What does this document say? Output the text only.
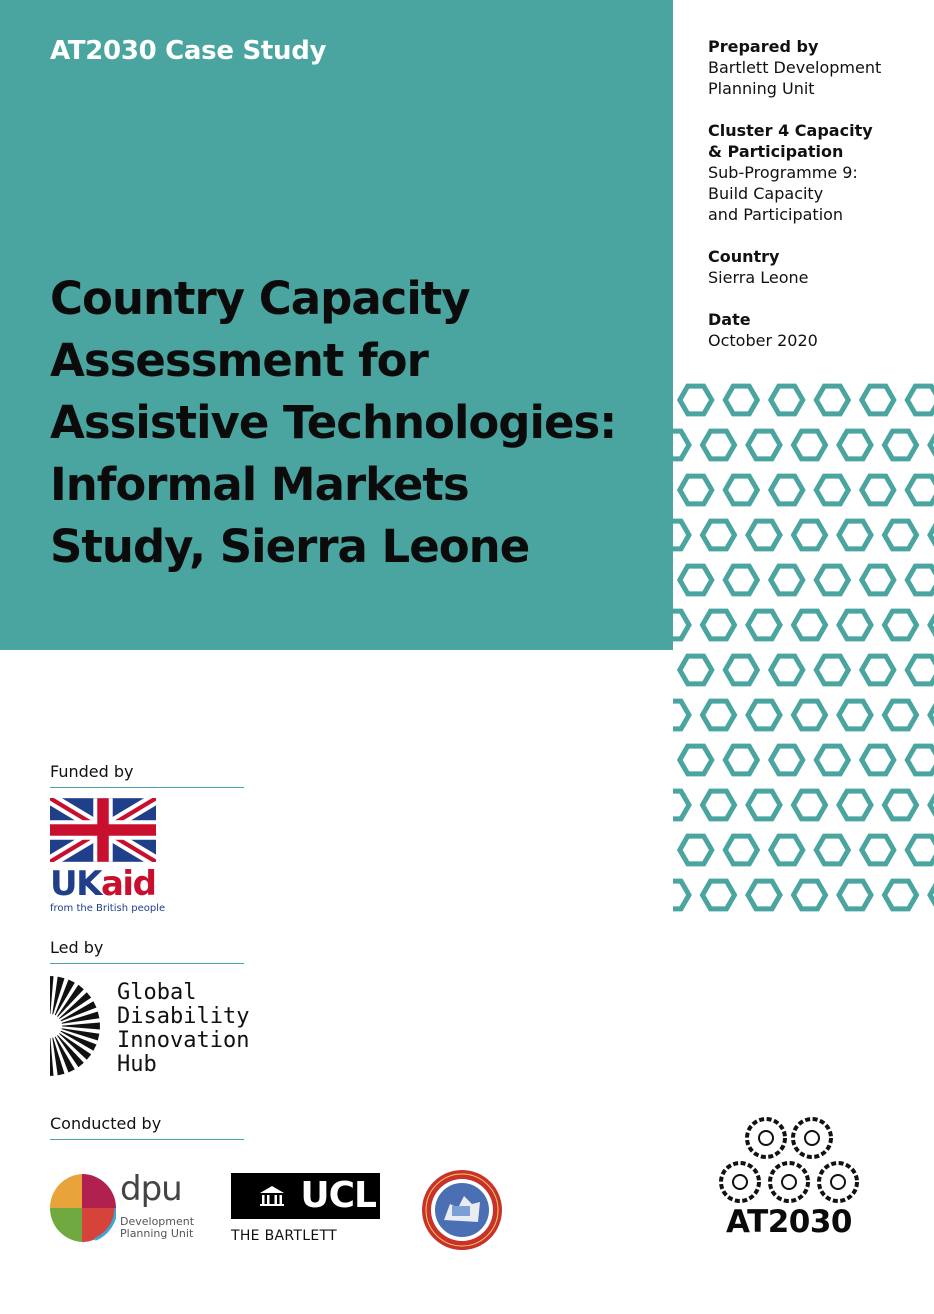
AT2030 Case Study
Country Capacity
Assessment for
Assistive Technologies:
Informal Markets
Study, Sierra Leone
Prepared by
Bartlett Development
Planning Unit
Cluster 4 Capacity
& Participation
Sub-Programme 9:
Build Capacity
and Participation
Country
Sierra Leone
Date
October 2020
Funded by
UKaid
from the British people
Led by
Global
Disability
Innovation
Hub
Conducted by
dpu
Development
Planning Unit
UCL
THE BARTLETT	AT2030
